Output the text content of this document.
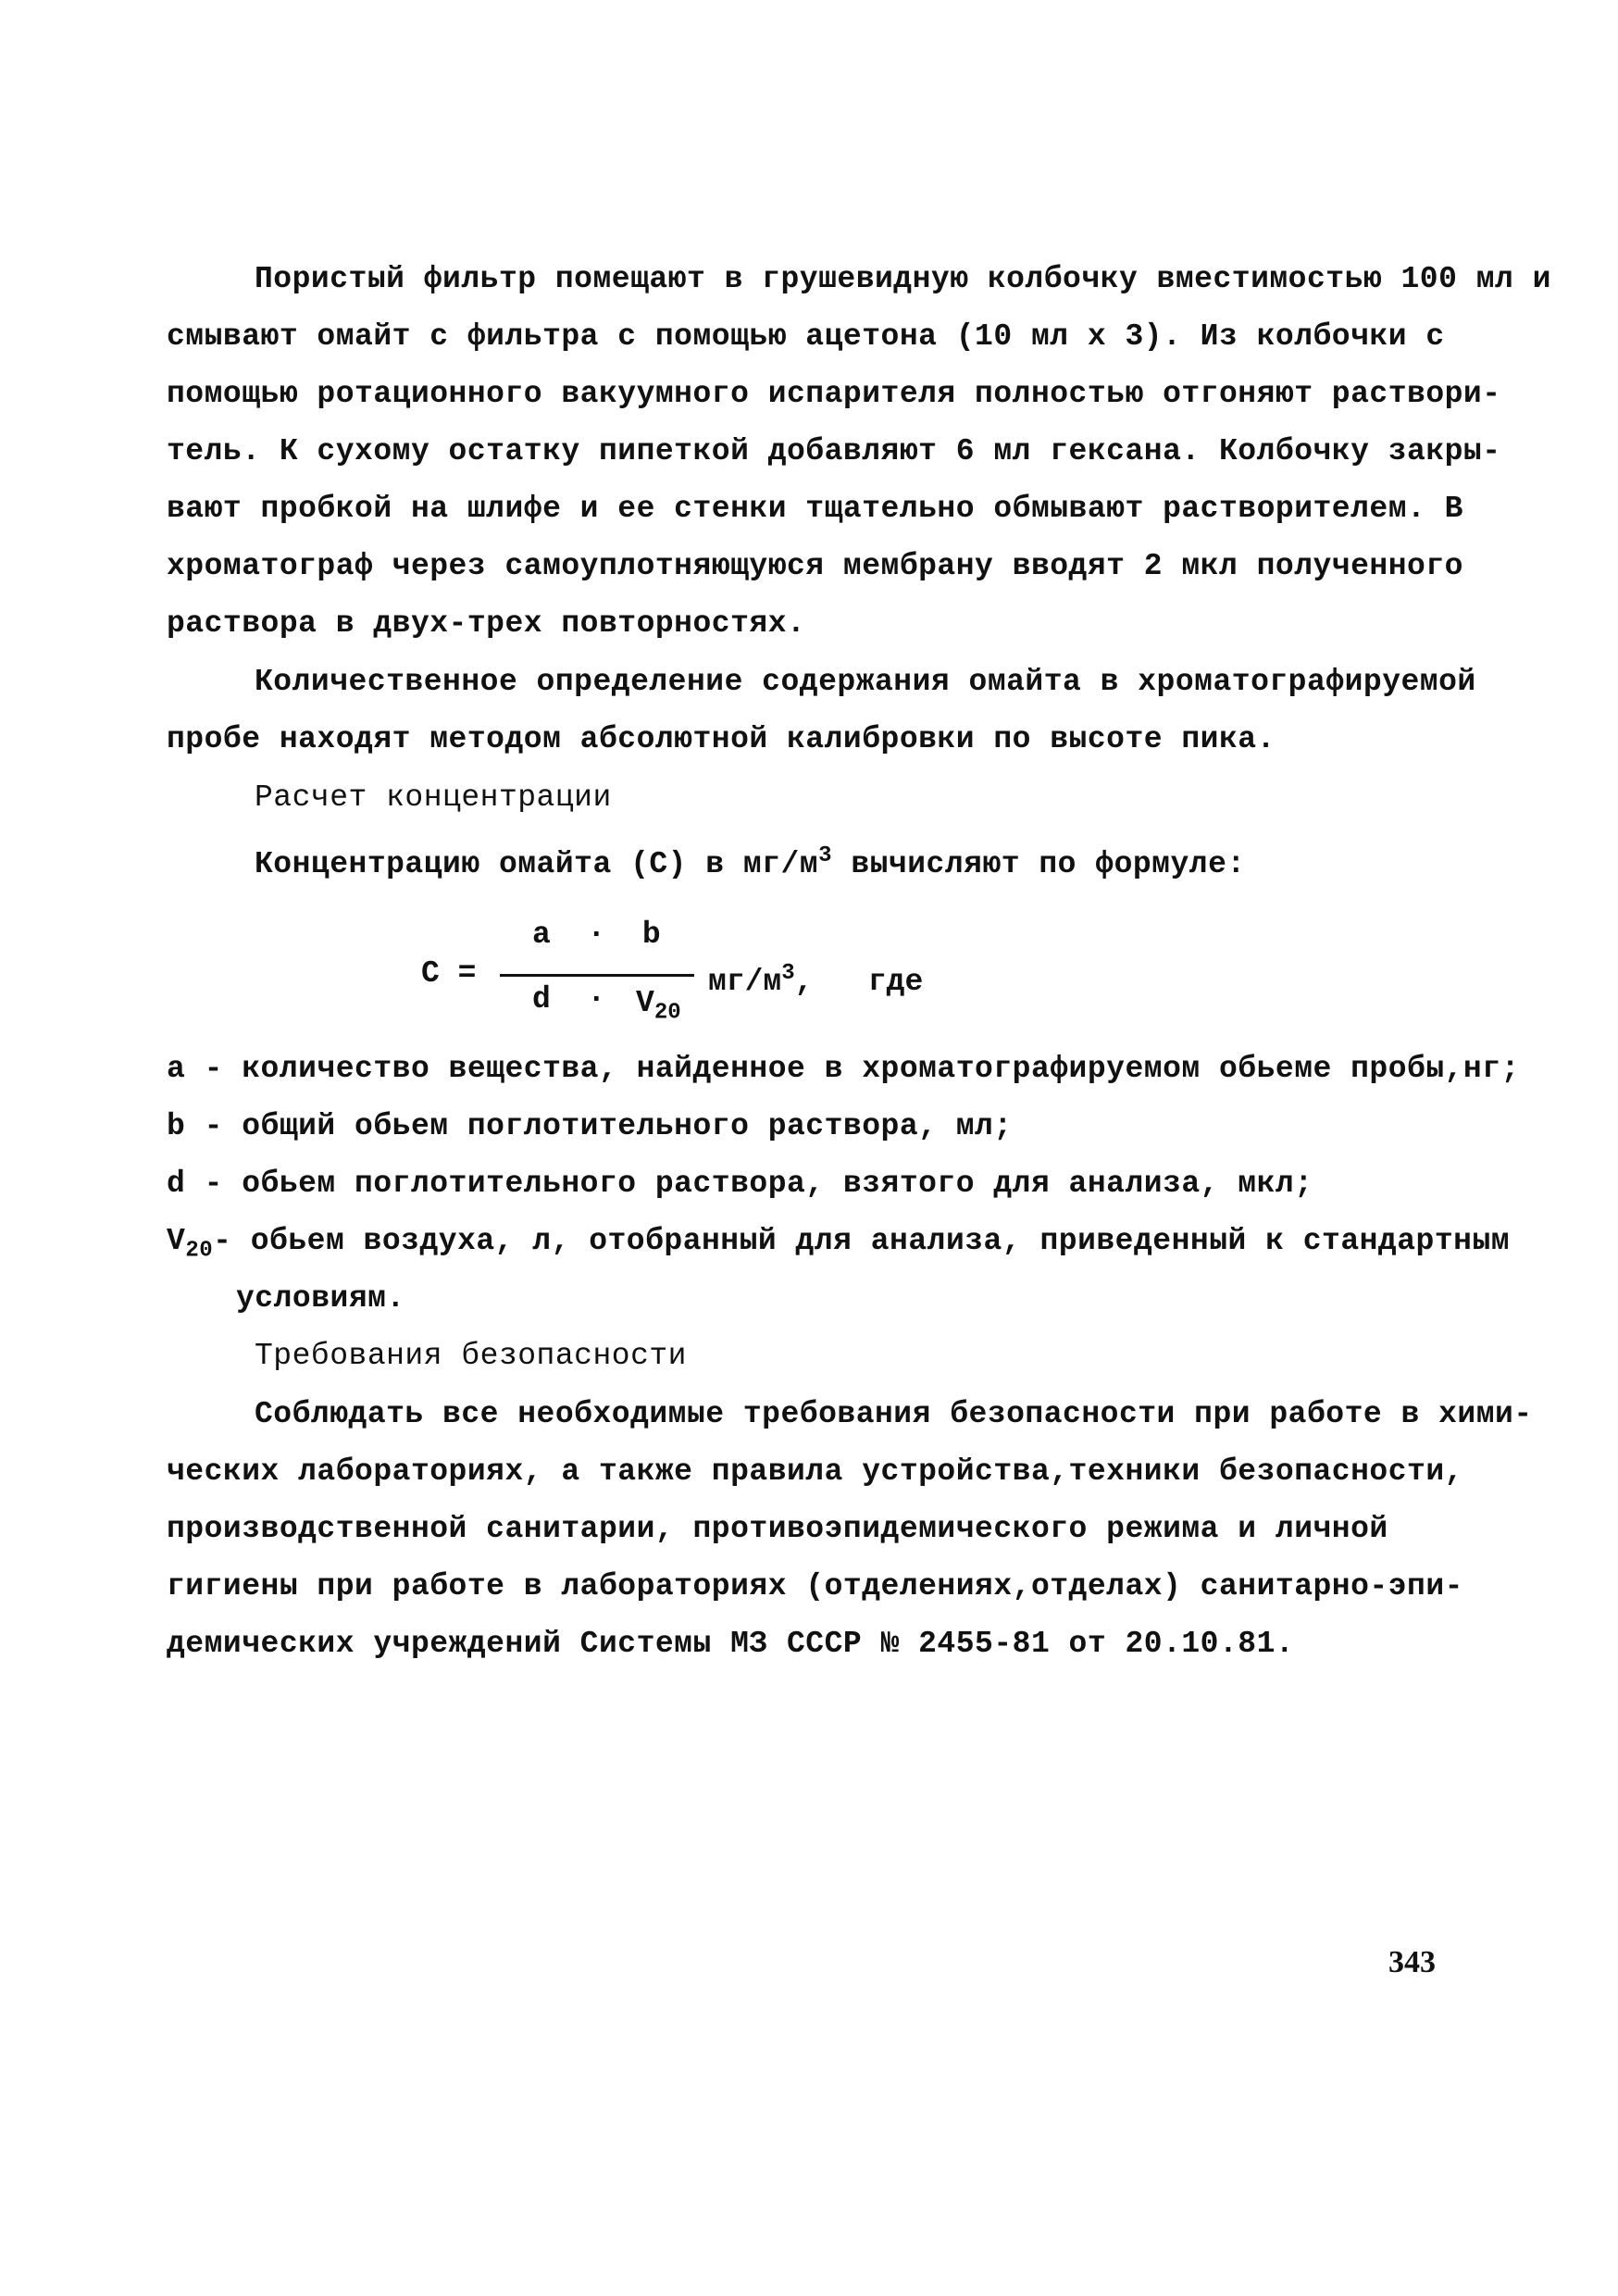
Пористый фильтр помещают в грушевидную колбочку вместимостью 100 мл и
смывают омайт с фильтра с помощью ацетона (10 мл х 3). Из колбочки с
помощью ротационного вакуумного испарителя полностью отгоняют раствори-
тель. К сухому остатку пипеткой добавляют 6 мл гексана. Колбочку закры-
вают пробкой на шлифе и ее стенки тщательно обмывают растворителем. В
хроматограф через самоуплотняющуюся мембрану вводят 2 мкл полученного
раствора в двух-трех повторностях.
Количественное определение содержания омайта в хроматографируемой
пробе находят методом абсолютной калибровки по высоте пика.
Расчет концентрации
Концентрацию омайта (С) в $мг/м^3$ вычисляют по формуле:
C =
a  ·  b
$d \cdot V_{20}$
$мг/м^3$,   где
a - количество вещества, найденное в хроматографируемом обьеме пробы,нг;
b - общий обьем поглотительного раствора, мл;
d - обьем поглотительного раствора, взятого для анализа, мкл;
$V_{20}-$ обьем воздуха, л, отобранный для анализа, приведенный к стандартным
условиям.
Требования безопасности
Соблюдать все необходимые требования безопасности при работе в хими-
ческих лабораториях, а также правила устройства,техники безопасности,
производственной санитарии, противоэпидемического режима и личной
гигиены при работе в лабораториях (отделениях,отделах) санитарно-эпи-
демических учреждений Системы МЗ СССР № 2455-81 от 20.10.81.
343
